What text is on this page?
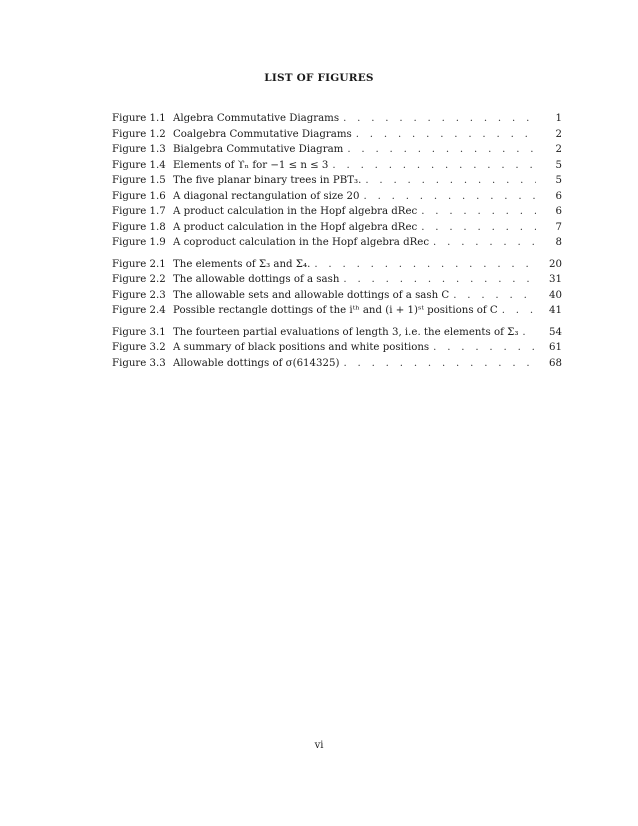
LIST OF FIGURES
Figure 1.1 Algebra Commutative Diagrams . . .	1
Figure 1.2 Coalgebra Commutative Diagrams . . .	2
Figure 1.3 Bialgebra Commutative Diagram . . .	2
Figure 1.4 Elements of ϒₙ for −1 ≤ n ≤ 3 . . .	5
Figure 1.5 The five planar binary trees in PBT₃. . . .	5
Figure 1.6 A diagonal rectangulation of size 20 . . .	6
Figure 1.7 A product calculation in the Hopf algebra dRec . . .	6
Figure 1.8 A product calculation in the Hopf algebra dRec . . .	7
Figure 1.9 A coproduct calculation in the Hopf algebra dRec . . .	8
Figure 2.1 The elements of Σ₃ and Σ₄. . . .	20
Figure 2.2 The allowable dottings of a sash . . .	31
Figure 2.3 The allowable sets and allowable dottings of a sash C . . .	40
Figure 2.4 Possible rectangle dottings of the iᵗʰ and (i + 1)ˢᵗ positions of C . . .	41
Figure 3.1 The fourteen partial evaluations of length 3, i.e. the elements of Σ₃ . . .	54
Figure 3.2 A summary of black positions and white positions . . .	61
Figure 3.3 Allowable dottings of σ(614325) . . .	68
vi
